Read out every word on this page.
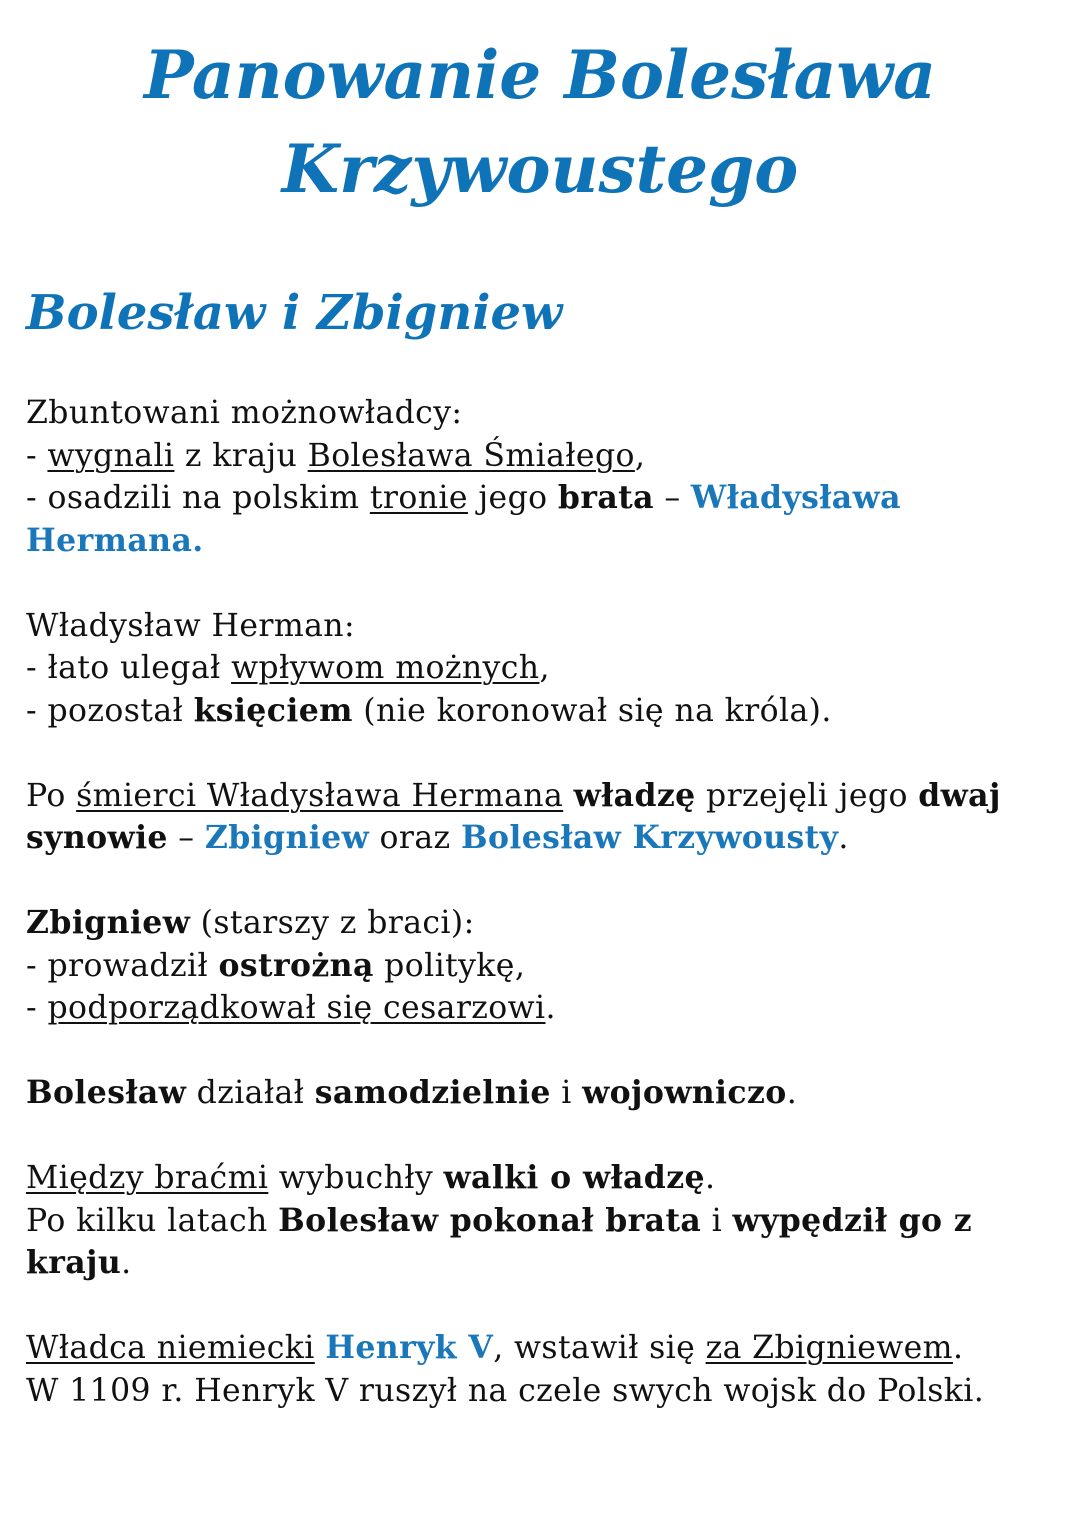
Panowanie Bolesława
Krzywoustego
Bolesław i Zbigniew

Zbuntowani możnowładcy:

- wygnali z kraju Bolesława Śmiałego,

- osadzili na polskim tronie jego brata – Władysława Hermana.

Władysław Herman:

- łato ulegał wpływom możnych,

- pozostał księciem (nie koronował się na króla).

Po śmierci Władysława Hermana władzę przejęli jego dwaj synowie – Zbigniew oraz Bolesław Krzywousty.

Zbigniew (starszy z braci):

- prowadził ostrożną politykę,

- podporządkował się cesarzowi.

Bolesław działał samodzielnie i wojowniczo.

Między braćmi wybuchły walki o władzę.

Po kilku latach Bolesław pokonał brata i wypędził go z kraju.

Władca niemiecki Henryk V, wstawił się za Zbigniewem.

W 1109 r. Henryk V ruszył na czele swych wojsk do Polski.
